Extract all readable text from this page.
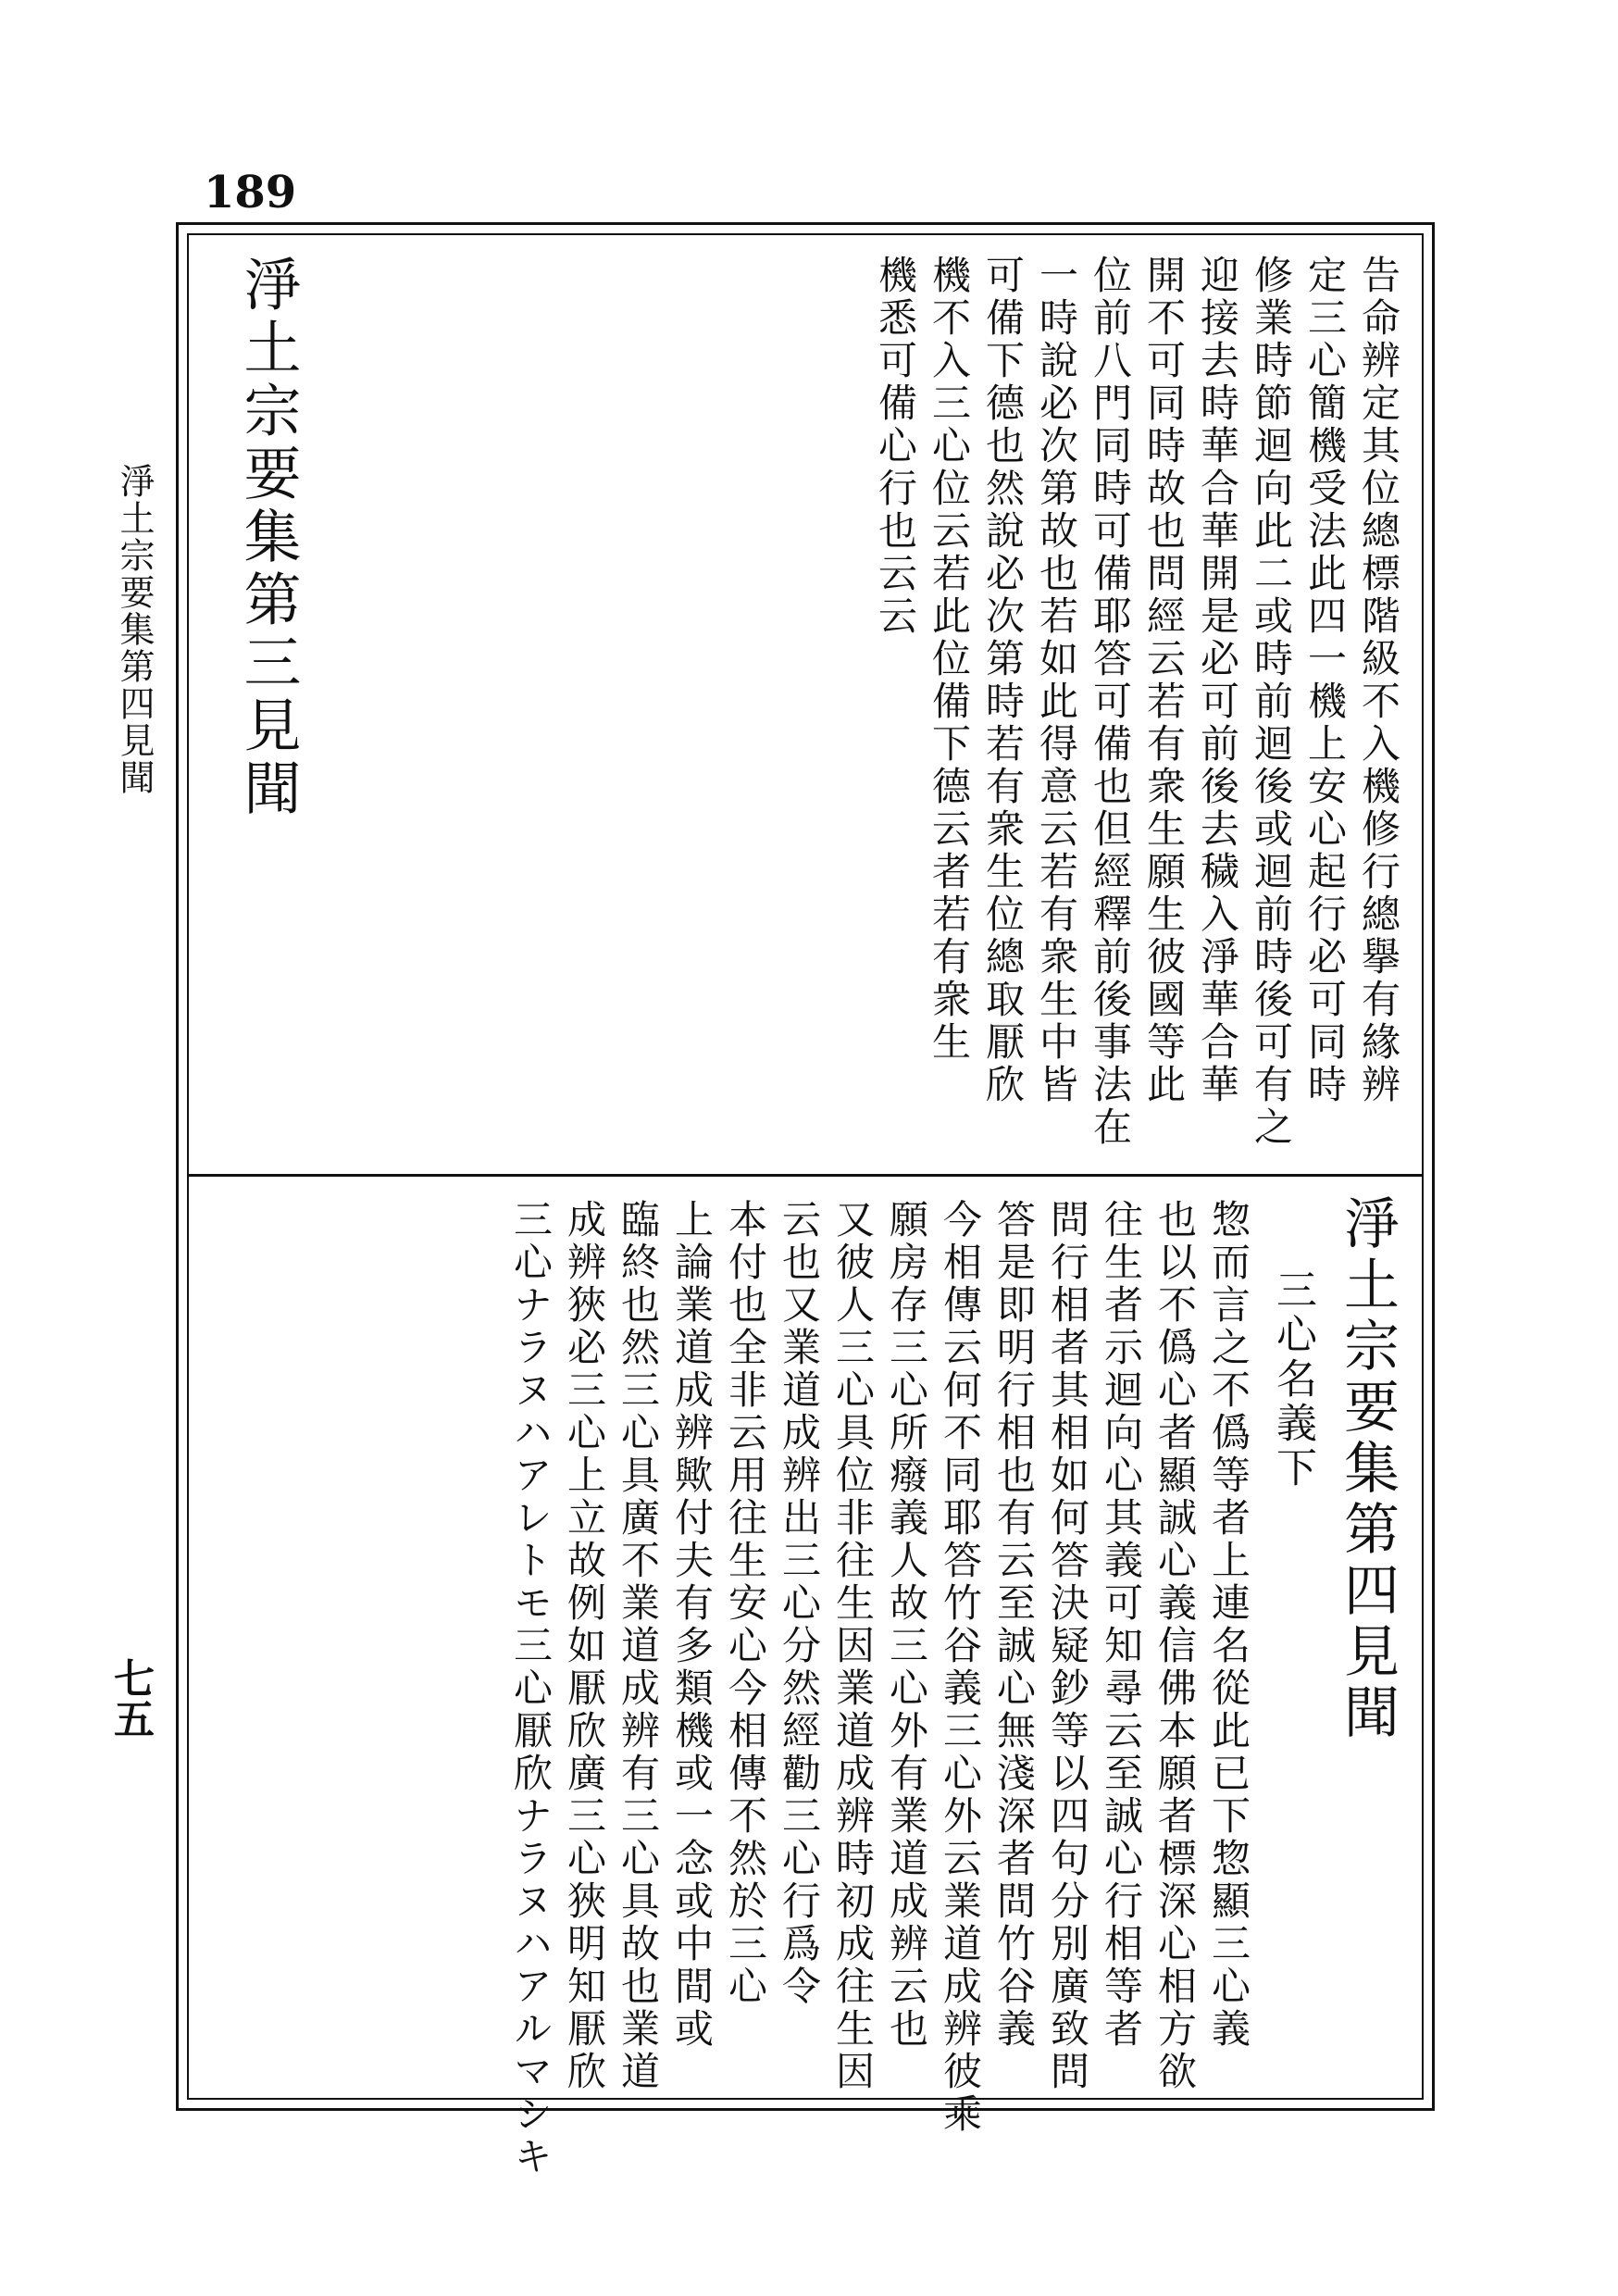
189
淨土宗要集第四見聞
七五
淨土宗要集第三見聞	告命辨定其位總標階級不入機修行總擧有緣辨
定三心簡機受法此四一機上安心起行必可同時
修業時節迴向此二或時前迴後或迴前時後可有之
迎接去時華合華開是必可前後去穢入淨華合華
開不可同時故也問經云若有衆生願生彼國等此
位前八門同時可備耶答可備也但經釋前後事法在
一時說必次第故也若如此得意云若有衆生中皆
可備下德也然說必次第時若有衆生位總取厭欣
機不入三心位云若此位備下德云者若有衆生
機悉可備心行也云云
淨土宗要集第四見聞
三心名義下
惣而言之不僞等者上連名從此已下惣顯三心義
也以不僞心者顯誠心義信佛本願者標深心相方欲
往生者示迴向心其義可知尋云至誠心行相等者
問行相者其相如何答決疑鈔等以四句分別廣致問
答是即明行相也有云至誠心無淺深者問竹谷義
今相傳云何不同耶答竹谷義三心外云業道成辨彼乘
願房存三心所癈義人故三心外有業道成辨云也
又彼人三心具位非往生因業道成辨時初成往生因
云也又業道成辨出三心分然經勸三心行爲令
本付也全非云用往生安心今相傳不然於三心
上論業道成辨歟付夫有多類機或一念或中間或
臨終也然三心具廣不業道成辨有三心具故也業道
成辨狹必三心上立故例如厭欣廣三心狹明知厭欣
三心ナラヌハアレトモ三心厭欣ナラヌハアルマシキ
